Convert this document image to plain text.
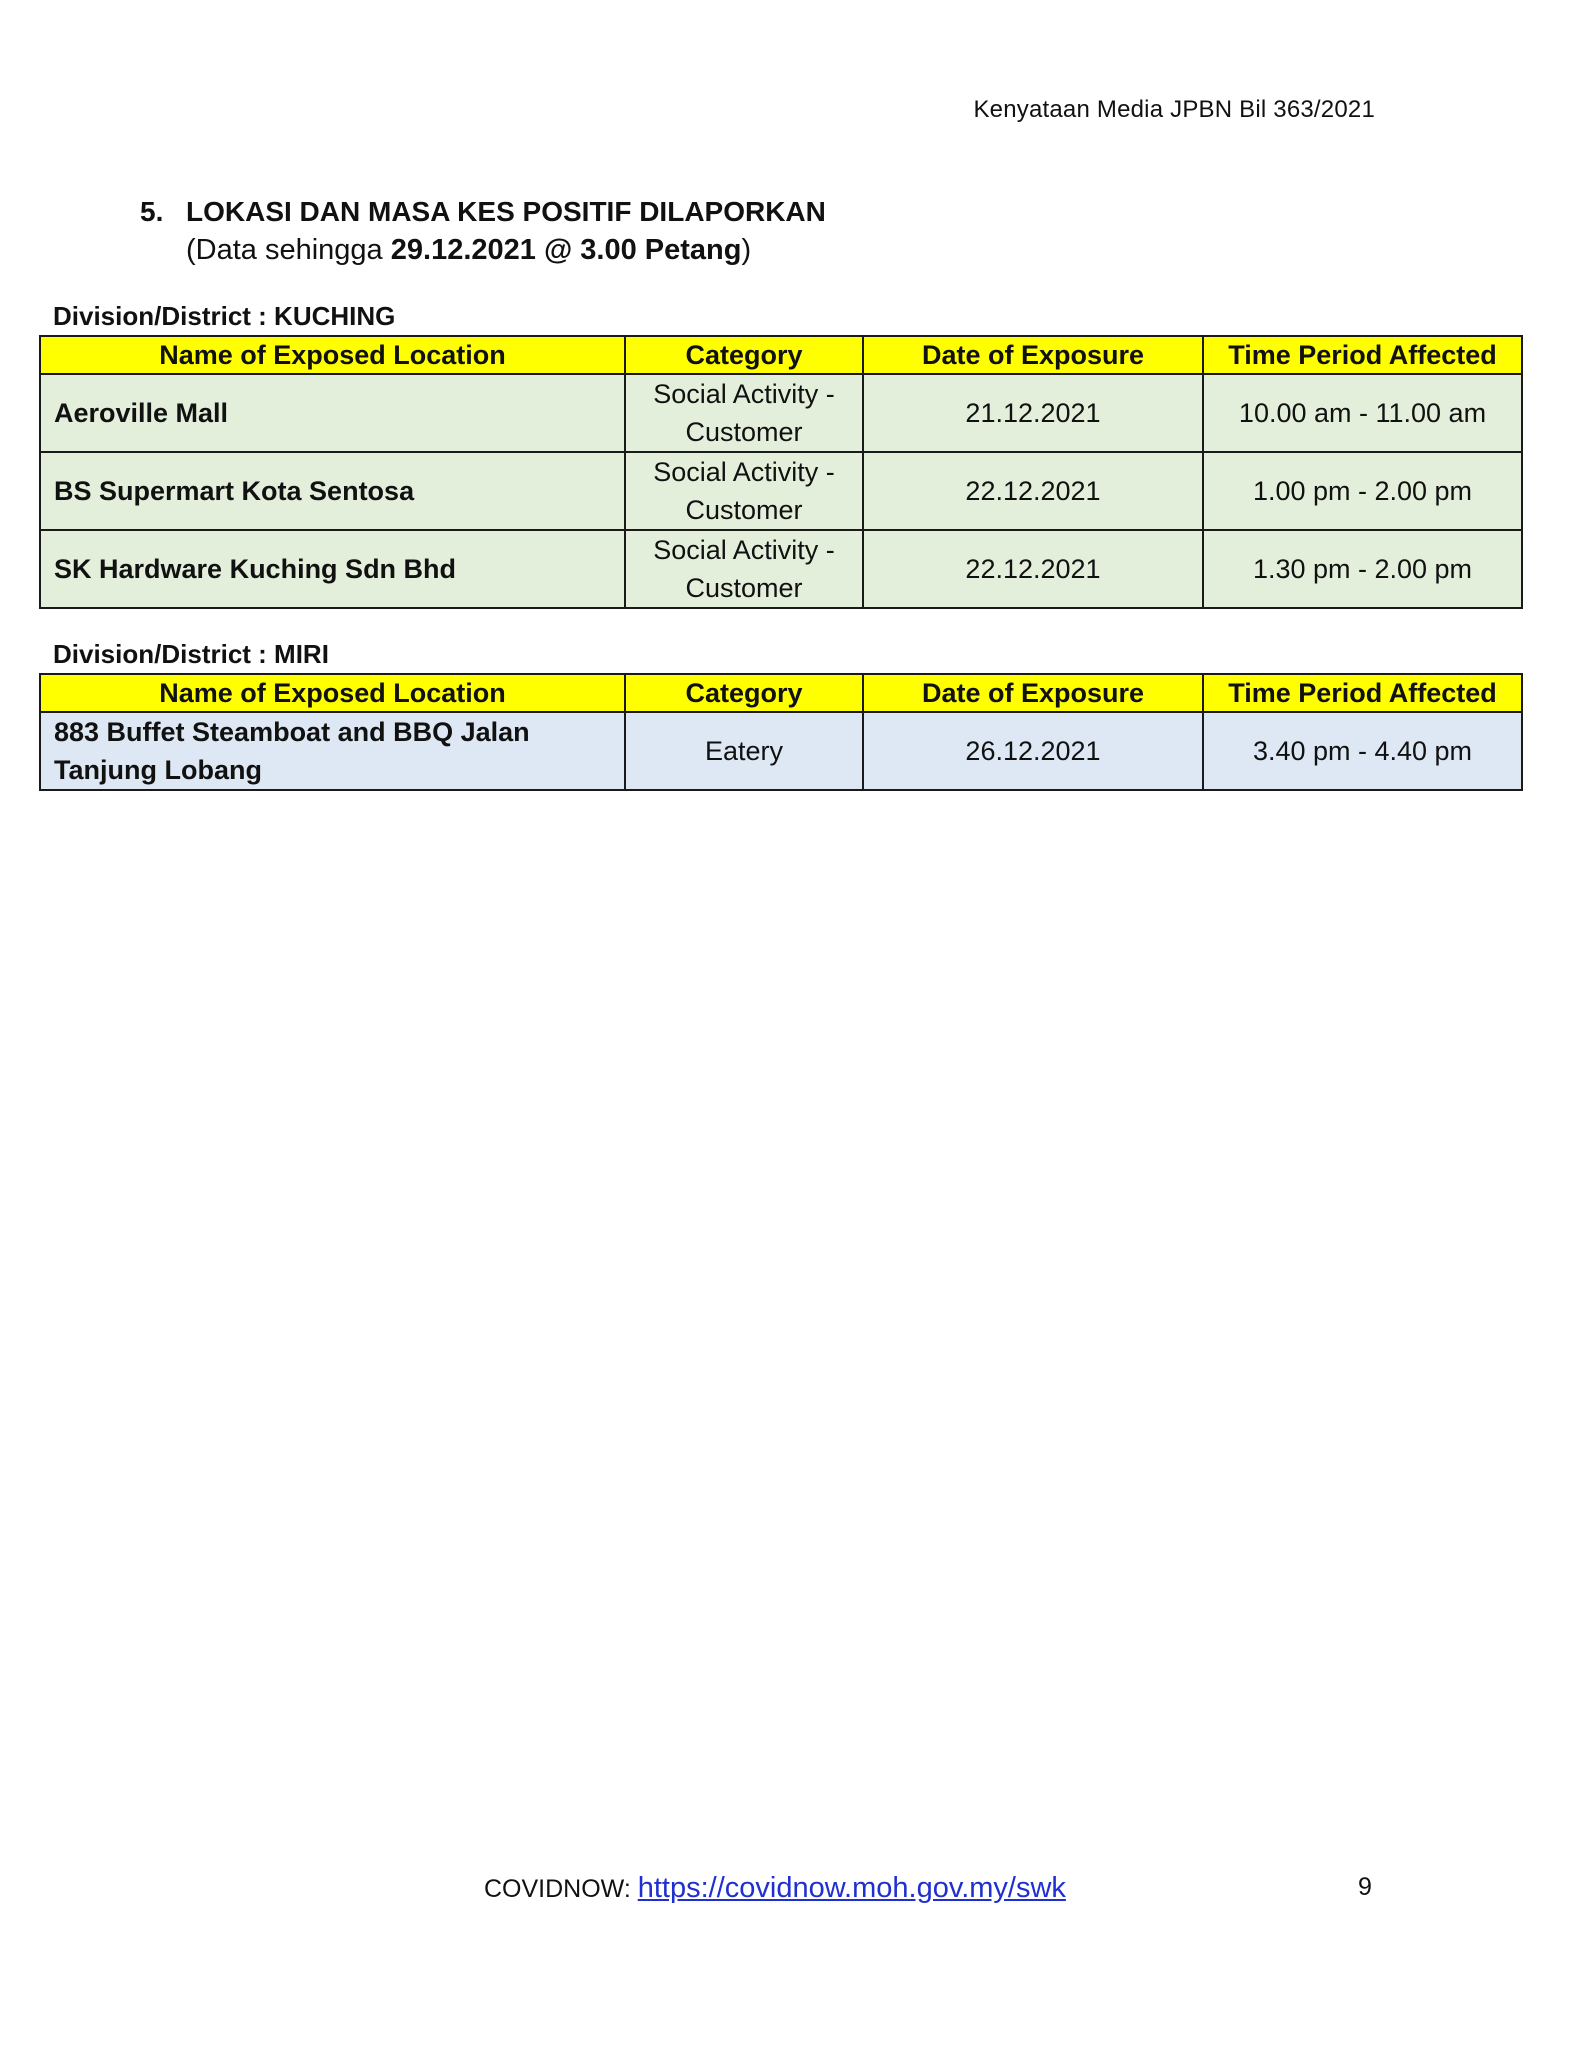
Kenyataan Media JPBN Bil 363/2021
5. LOKASI DAN MASA KES POSITIF DILAPORKAN
(Data sehingga 29.12.2021 @ 3.00 Petang)
Division/District : KUCHING
Name of Exposed Location	Category	Date of Exposure	Time Period Affected
Aeroville Mall	Social Activity - Customer	21.12.2021	10.00 am - 11.00 am
BS Supermart Kota Sentosa	Social Activity - Customer	22.12.2021	1.00 pm - 2.00 pm
SK Hardware Kuching Sdn Bhd	Social Activity - Customer	22.12.2021	1.30 pm - 2.00 pm
Division/District : MIRI
Name of Exposed Location	Category	Date of Exposure	Time Period Affected
883 Buffet Steamboat and BBQ Jalan Tanjung Lobang	Eatery	26.12.2021	3.40 pm - 4.40 pm
COVIDNOW: https://covidnow.moh.gov.my/swk	9
